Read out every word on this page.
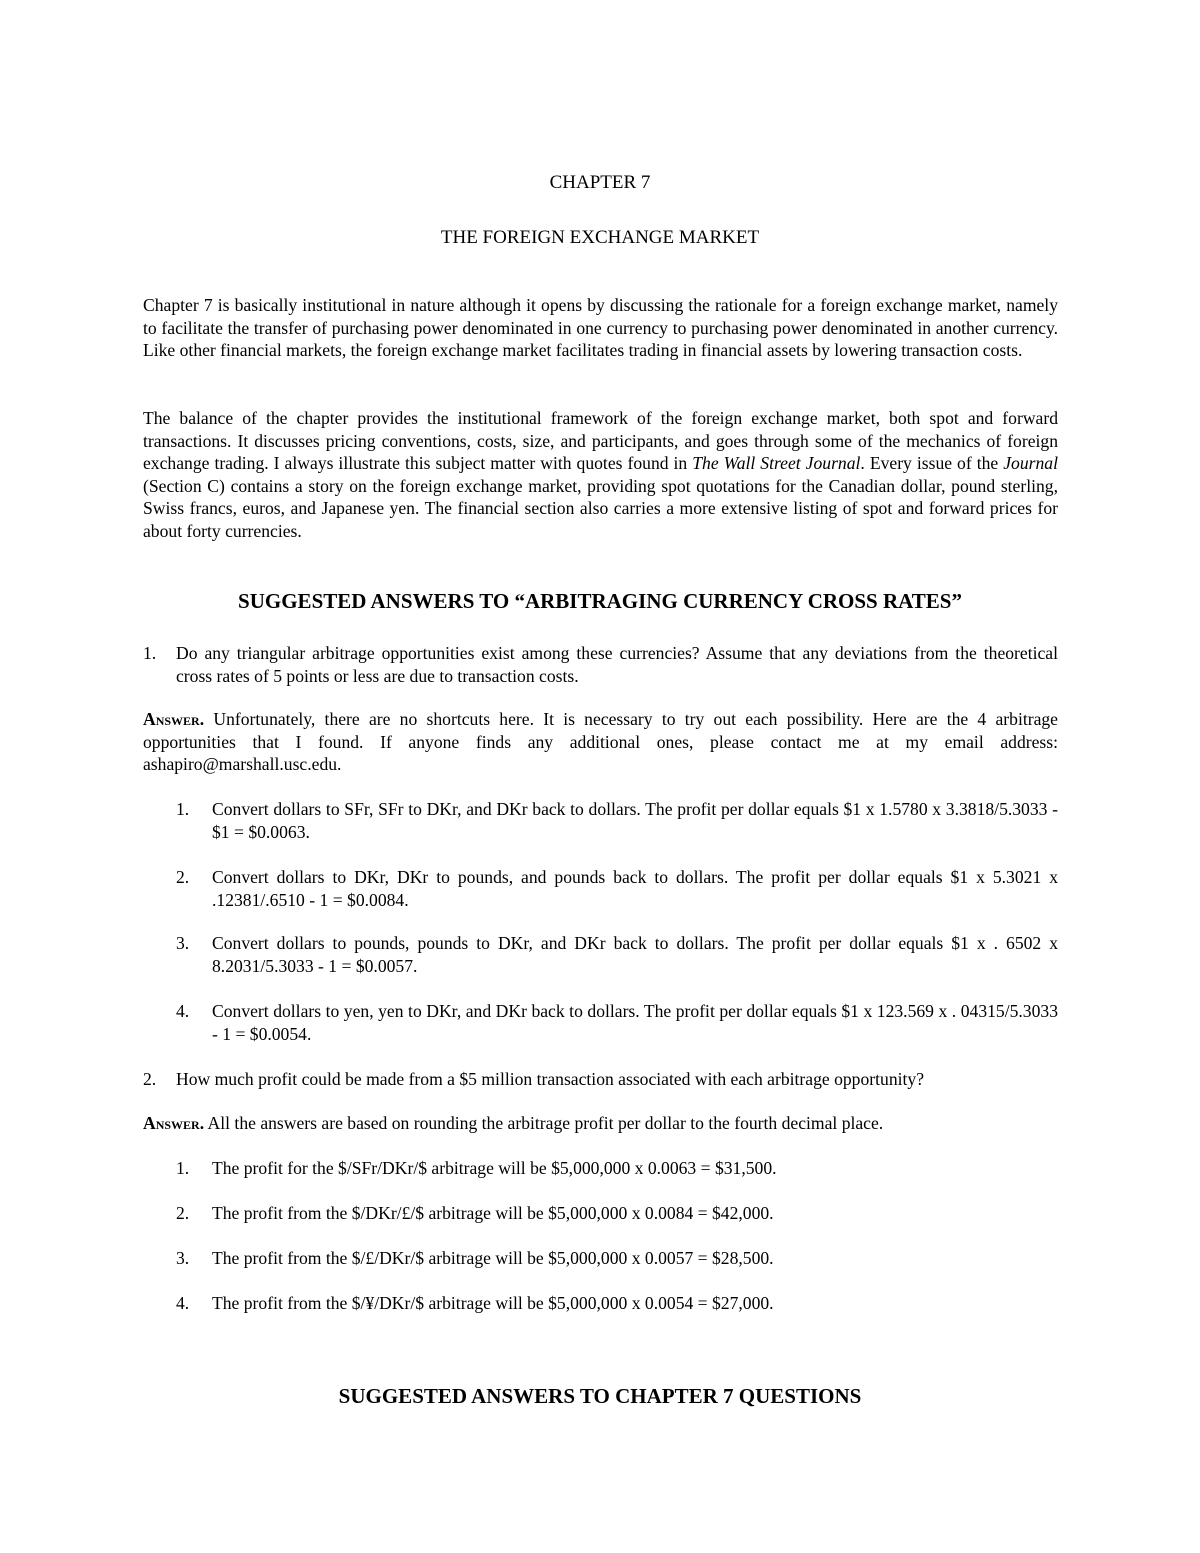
CHAPTER 7
THE FOREIGN EXCHANGE MARKET

Chapter 7 is basically institutional in nature although it opens by discussing the rationale for a foreign exchange market, namely to facilitate the transfer of purchasing power denominated in one currency to purchasing power denominated in another currency. Like other financial markets, the foreign exchange market facilitates trading in financial assets by lowering transaction costs.

The balance of the chapter provides the institutional framework of the foreign exchange market, both spot and forward transactions. It discusses pricing conventions, costs, size, and participants, and goes through some of the mechanics of foreign exchange trading. I always illustrate this subject matter with quotes found in The Wall Street Journal. Every issue of the Journal (Section C) contains a story on the foreign exchange market, providing spot quotations for the Canadian dollar, pound sterling, Swiss francs, euros, and Japanese yen. The financial section also carries a more extensive listing of spot and forward prices for about forty currencies.

SUGGESTED ANSWERS TO “ARBITRAGING CURRENCY CROSS RATES”
1. Do any triangular arbitrage opportunities exist among these currencies? Assume that any deviations from the theoretical cross rates of 5 points or less are due to transaction costs.

Answer. Unfortunately, there are no shortcuts here. It is necessary to try out each possibility. Here are the 4 arbitrage opportunities that I found. If anyone finds any additional ones, please contact me at my email address: ashapiro@marshall.usc.edu.

1. Convert dollars to SFr, SFr to DKr, and DKr back to dollars. The profit per dollar equals $1 x 1.5780 x 3.3818/5.3033 - $1 = $0.0063.
2. Convert dollars to DKr, DKr to pounds, and pounds back to dollars. The profit per dollar equals $1 x 5.3021 x .12381/.6510 - 1 = $0.0084.
3. Convert dollars to pounds, pounds to DKr, and DKr back to dollars. The profit per dollar equals $1 x . 6502 x 8.2031/5.3033 - 1 = $0.0057.
4. Convert dollars to yen, yen to DKr, and DKr back to dollars. The profit per dollar equals $1 x 123.569 x . 04315/5.3033 - 1 = $0.0054.
2. How much profit could be made from a $5 million transaction associated with each arbitrage opportunity?

Answer. All the answers are based on rounding the arbitrage profit per dollar to the fourth decimal place.

1. The profit for the $/SFr/DKr/$ arbitrage will be $5,000,000 x 0.0063 = $31,500.
2. The profit from the $/DKr/£/$ arbitrage will be $5,000,000 x 0.0084 = $42,000.
3. The profit from the $/£/DKr/$ arbitrage will be $5,000,000 x 0.0057 = $28,500.
4. The profit from the $/¥/DKr/$ arbitrage will be $5,000,000 x 0.0054 = $27,000.
SUGGESTED ANSWERS TO CHAPTER 7 QUESTIONS
